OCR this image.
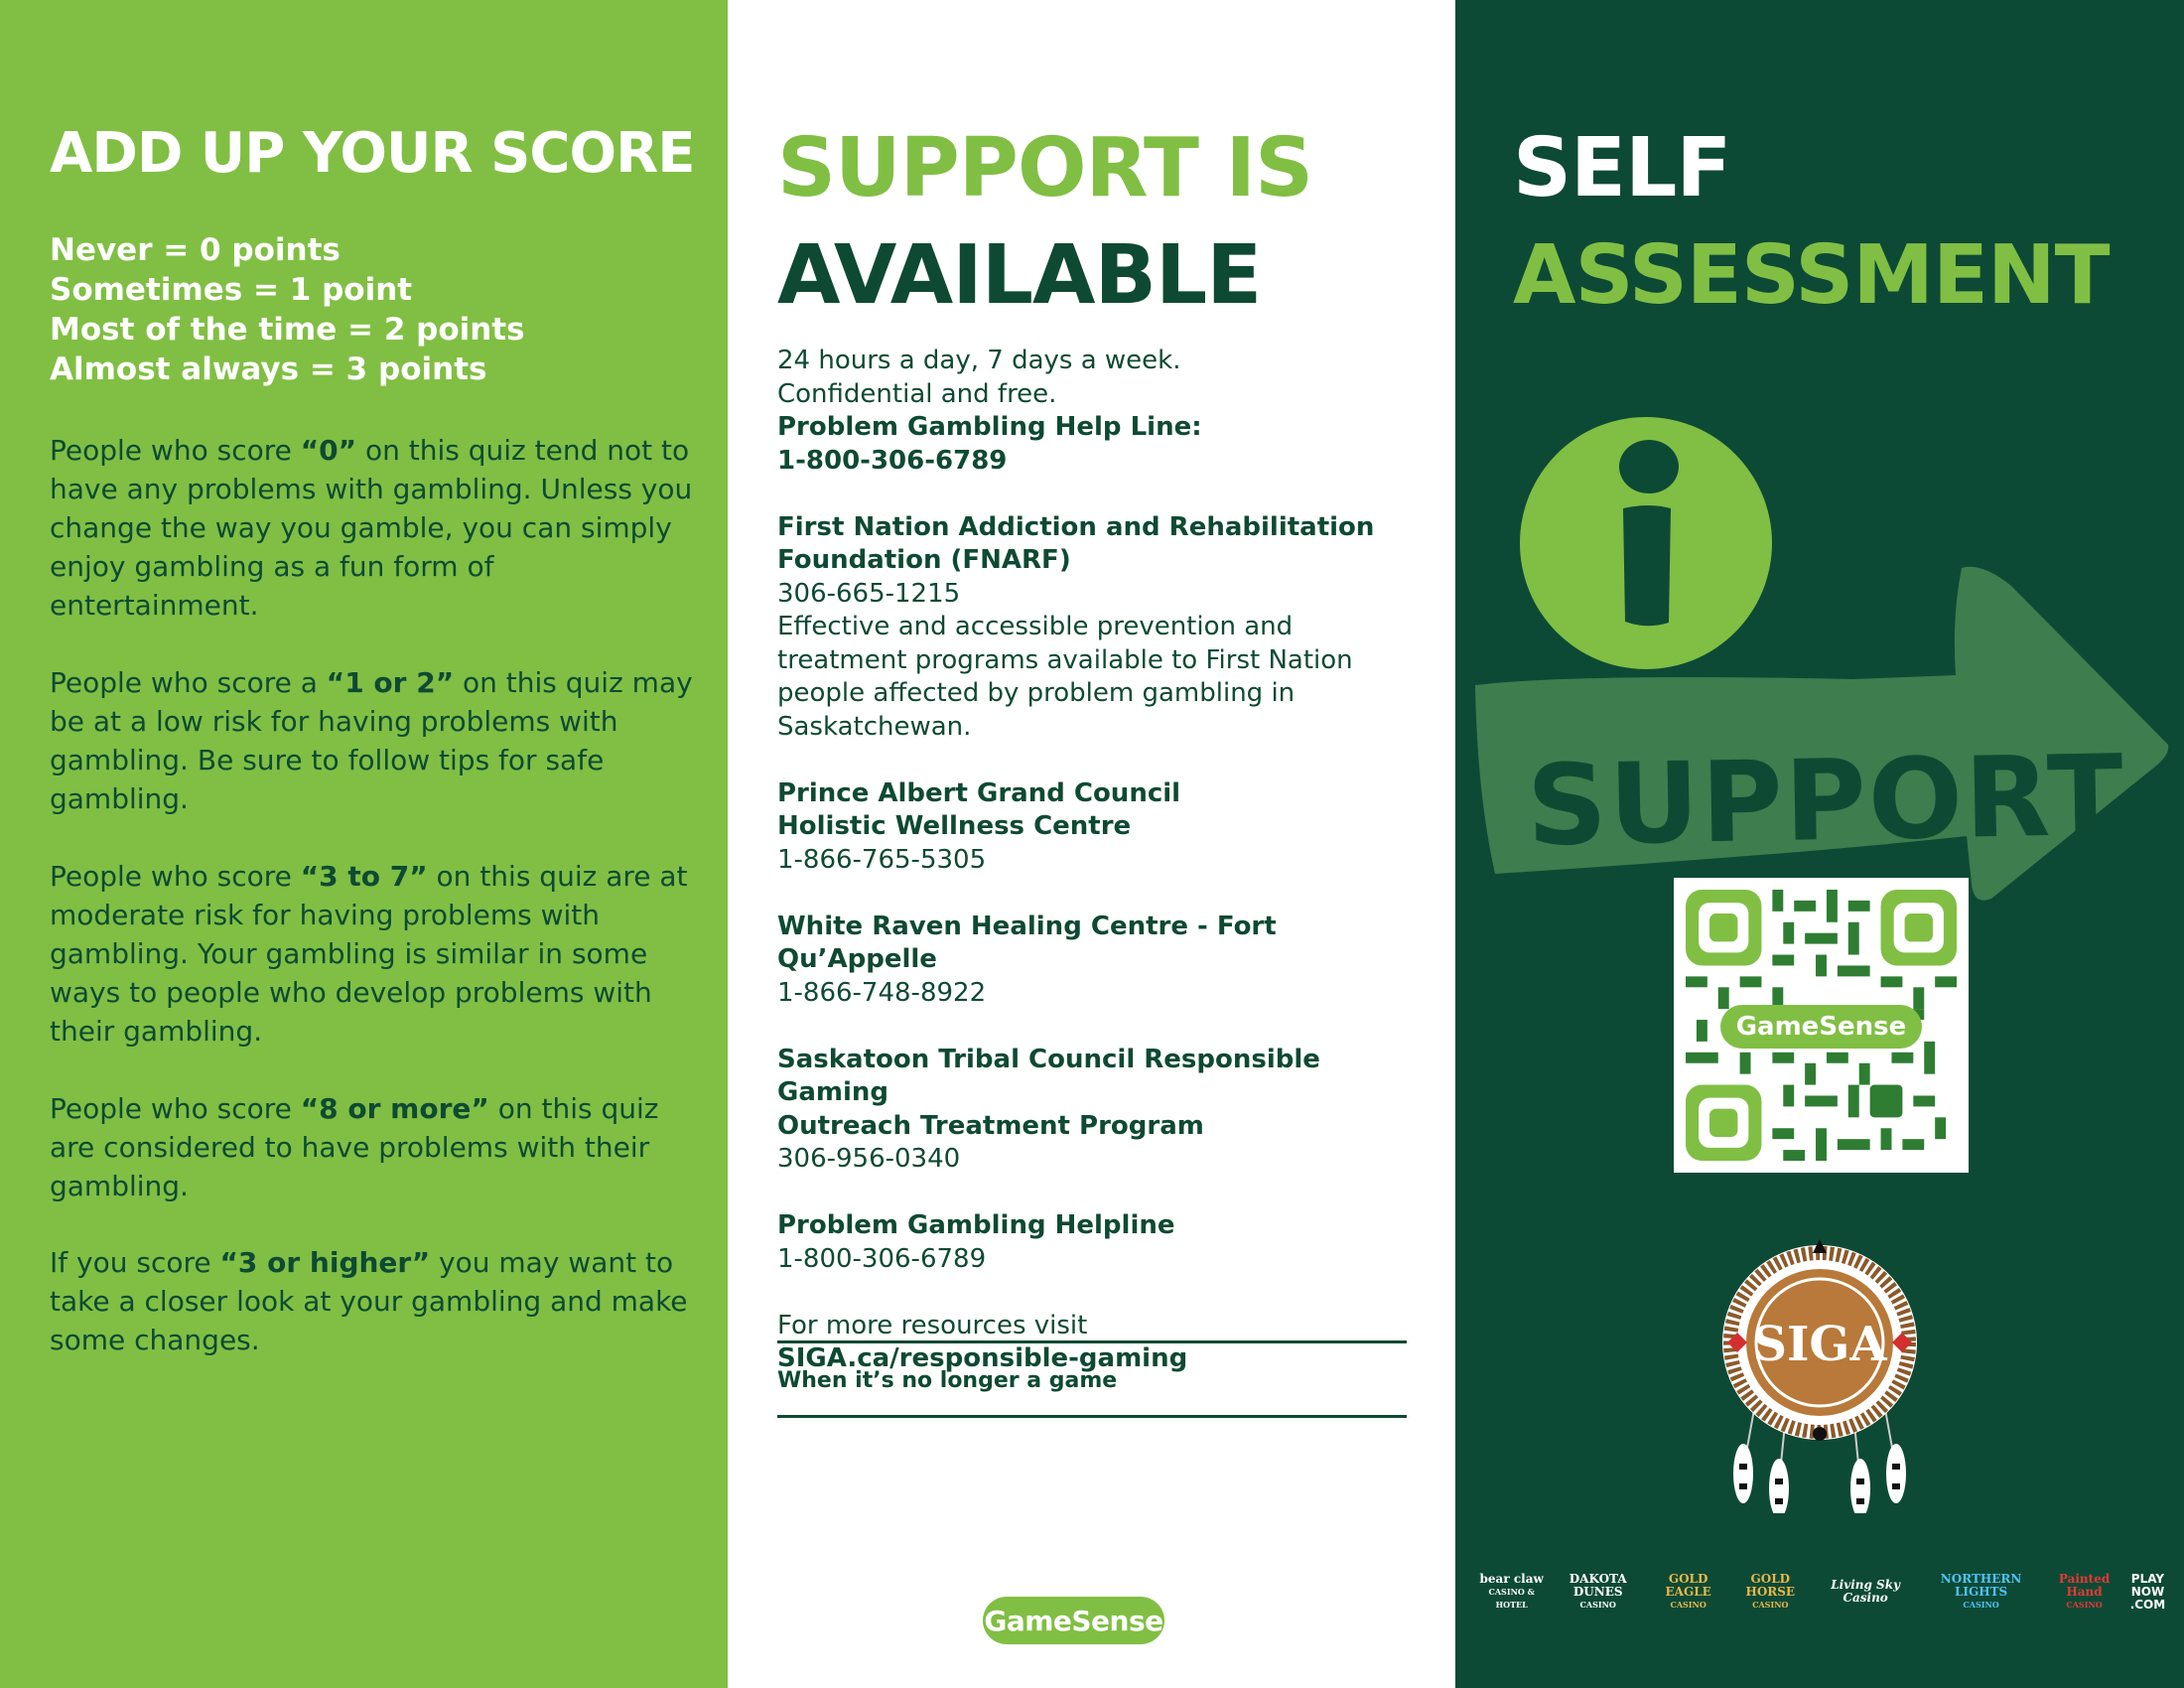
ADD UP YOUR SCORE
Never = 0 points
Sometimes = 1 point
Most of the time = 2 points
Almost always = 3 points

People who score “0” on this quiz tend not to have any problems with gambling. Unless you change the way you gamble, you can simply enjoy gambling as a fun form of entertainment.

People who score a “1 or 2” on this quiz may be at a low risk for having problems with gambling. Be sure to follow tips for safe gambling.

People who score “3 to 7” on this quiz are at moderate risk for having problems with gambling. Your gambling is similar in some ways to people who develop problems with their gambling.

People who score “8 or more” on this quiz are considered to have problems with their gambling.

If you score “3 or higher” you may want to take a closer look at your gambling and make some changes.

SUPPORT IS
AVAILABLE
24 hours a day, 7 days a week.
Confidential and free.
Problem Gambling Help Line:
1-800-306-6789
First Nation Addiction and Rehabilitation
Foundation (FNARF)
306-665-1215
Effective and accessible prevention and treatment programs available to First Nation people affected by problem gambling in Saskatchewan.
Prince Albert Grand Council
Holistic Wellness Centre
1-866-765-5305
White Raven Healing Centre - Fort Qu’Appelle
1-866-748-8922
Saskatoon Tribal Council Responsible Gaming
Outreach Treatment Program
306-956-0340
Problem Gambling Helpline
1-800-306-6789
For more resources visit
SIGA.ca/responsible-gaming
When it’s no longer a game
GameSense
SELF
ASSESSMENT
SUPPORT
GameSense
SIGA
bear claw
CASINO & HOTEL
DAKOTA DUNES
CASINO
GOLD EAGLE
CASINO
GOLD HORSE
CASINO
Living Sky Casino
NORTHERN LIGHTS
CASINO
Painted Hand
CASINO
PLAY NOW .COM
